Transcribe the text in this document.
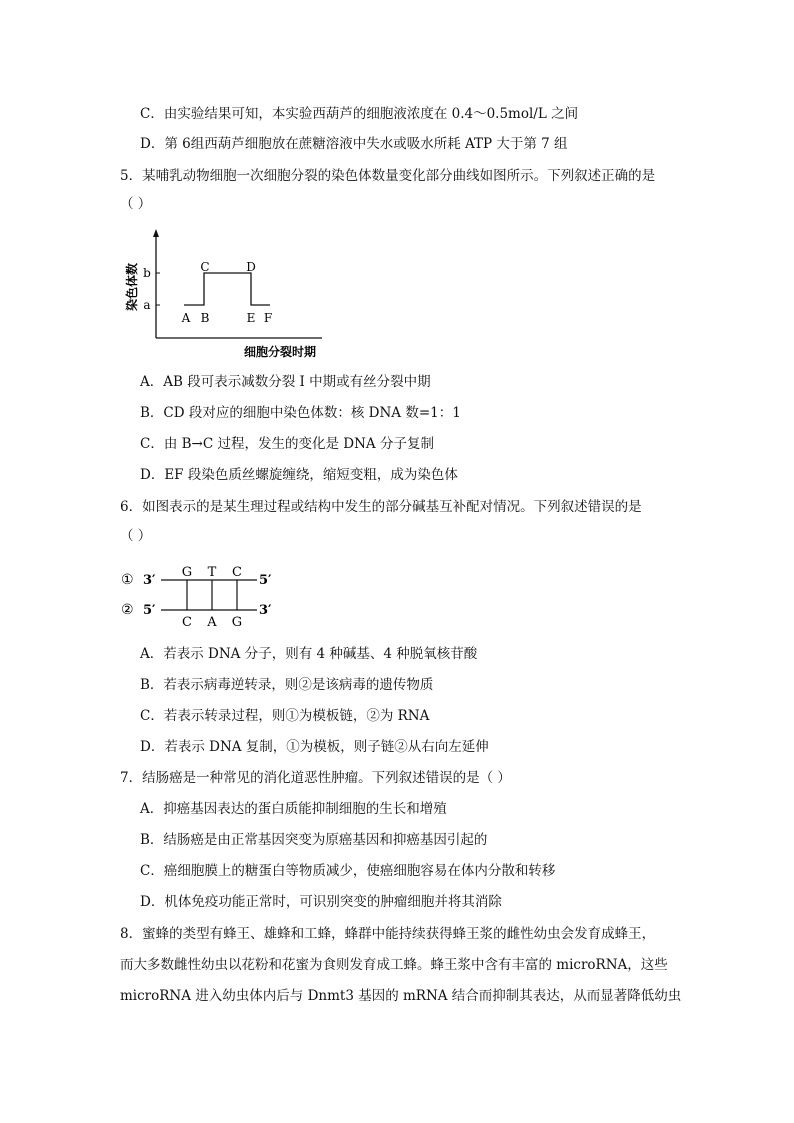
C．由实验结果可知，本实验西葫芦的细胞液浓度在 0.4～0.5mol/L 之间
D．第 6组西葫芦细胞放在蔗糖溶液中失水或吸水所耗 ATP 大于第 7 组
5．某哺乳动物细胞一次细胞分裂的染色体数量变化部分曲线如图所示。下列叙述正确的是
（ ）
b
a
染色体数	C	D
A B	E F
细胞分裂时期
A．AB 段可表示减数分裂 I 中期或有丝分裂中期
B．CD 段对应的细胞中染色体数：核 DNA 数=1：1
C．由 B→C 过程，发生的变化是 DNA 分子复制
D．EF 段染色质丝螺旋缠绕，缩短变粗，成为染色体
6．如图表示的是某生理过程或结构中发生的部分碱基互补配对情况。下列叙述错误的是
（ ）
①
②
3′
5′
5′
3′
G T C
C A G
A．若表示 DNA 分子，则有 4 种碱基、4 种脱氧核苷酸
B．若表示病毒逆转录，则②是该病毒的遗传物质
C．若表示转录过程，则①为模板链，②为 RNA
D．若表示 DNA 复制，①为模板，则子链②从右向左延伸
7．结肠癌是一种常见的消化道恶性肿瘤。下列叙述错误的是（ ）
A．抑癌基因表达的蛋白质能抑制细胞的生长和增殖
B．结肠癌是由正常基因突变为原癌基因和抑癌基因引起的
C．癌细胞膜上的糖蛋白等物质减少，使癌细胞容易在体内分散和转移
D．机体免疫功能正常时，可识别突变的肿瘤细胞并将其消除
8．蜜蜂的类型有蜂王、雄蜂和工蜂，蜂群中能持续获得蜂王浆的雌性幼虫会发育成蜂王，
而大多数雌性幼虫以花粉和花蜜为食则发育成工蜂。蜂王浆中含有丰富的 microRNA，这些
microRNA 进入幼虫体内后与 Dnmt3 基因的 mRNA 结合而抑制其表达，从而显著降低幼虫
